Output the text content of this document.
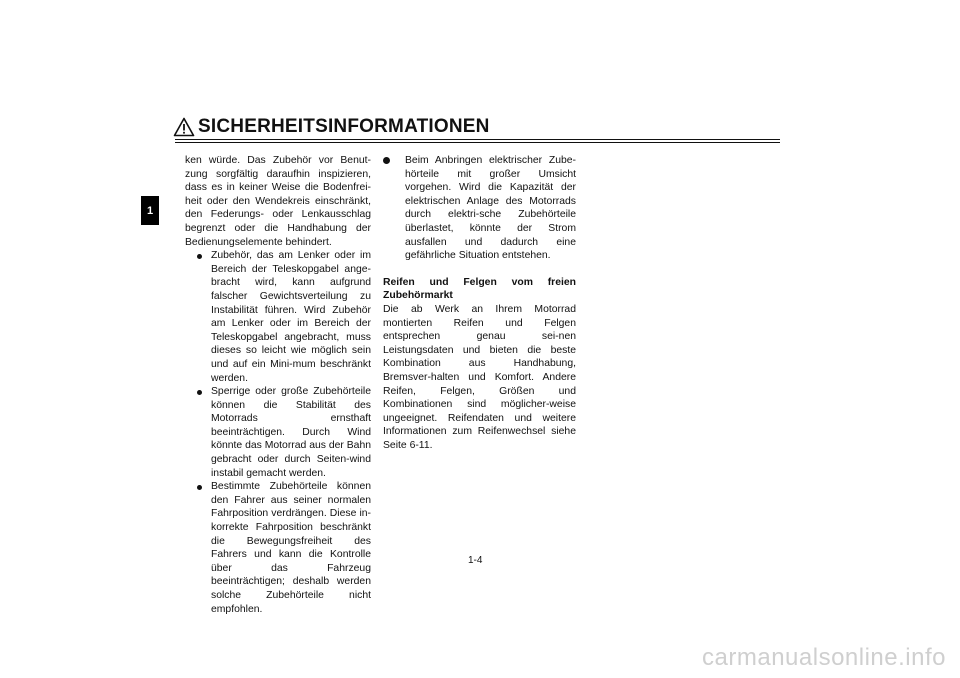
SICHERHEITSINFORMATIONEN
1

ken würde. Das Zubehör vor Benut-zung sorgfältig daraufhin inspizieren, dass es in keiner Weise die Bodenfrei-heit oder den Wendekreis einschränkt, den Federungs- oder Lenkausschlag begrenzt oder die Handhabung der Bedienungselemente behindert.

Zubehör, das am Lenker oder im Bereich der Teleskopgabel ange-bracht wird, kann aufgrund falscher Gewichtsverteilung zu Instabilität führen. Wird Zubehör am Lenker oder im Bereich der Teleskopgabel angebracht, muss dieses so leicht wie möglich sein und auf ein Mini-mum beschränkt werden.
Sperrige oder große Zubehörteile können die Stabilität des Motorrads ernsthaft beeinträchtigen. Durch Wind könnte das Motorrad aus der Bahn gebracht oder durch Seiten-wind instabil gemacht werden.
Bestimmte Zubehörteile können den Fahrer aus seiner normalen Fahrposition verdrängen. Diese in-korrekte Fahrposition beschränkt die Bewegungsfreiheit des Fahrers und kann die Kontrolle über das Fahrzeug beeinträchtigen; deshalb werden solche Zubehörteile nicht empfohlen.
Beim Anbringen elektrischer Zube-hörteile mit großer Umsicht vorgehen. Wird die Kapazität der elektrischen Anlage des Motorrads durch elektri-sche Zubehörteile überlastet, könnte der Strom ausfallen und dadurch eine gefährliche Situation entstehen.

Reifen und Felgen vom freien Zubehörmarkt

Die ab Werk an Ihrem Motorrad montierten Reifen und Felgen entsprechen genau sei-nen Leistungsdaten und bieten die beste Kombination aus Handhabung, Bremsver-halten und Komfort. Andere Reifen, Felgen, Größen und Kombinationen sind möglicher-weise ungeeignet. Reifendaten und weitere Informationen zum Reifenwechsel siehe Seite 6-11.

1-4
carmanualsonline.info
